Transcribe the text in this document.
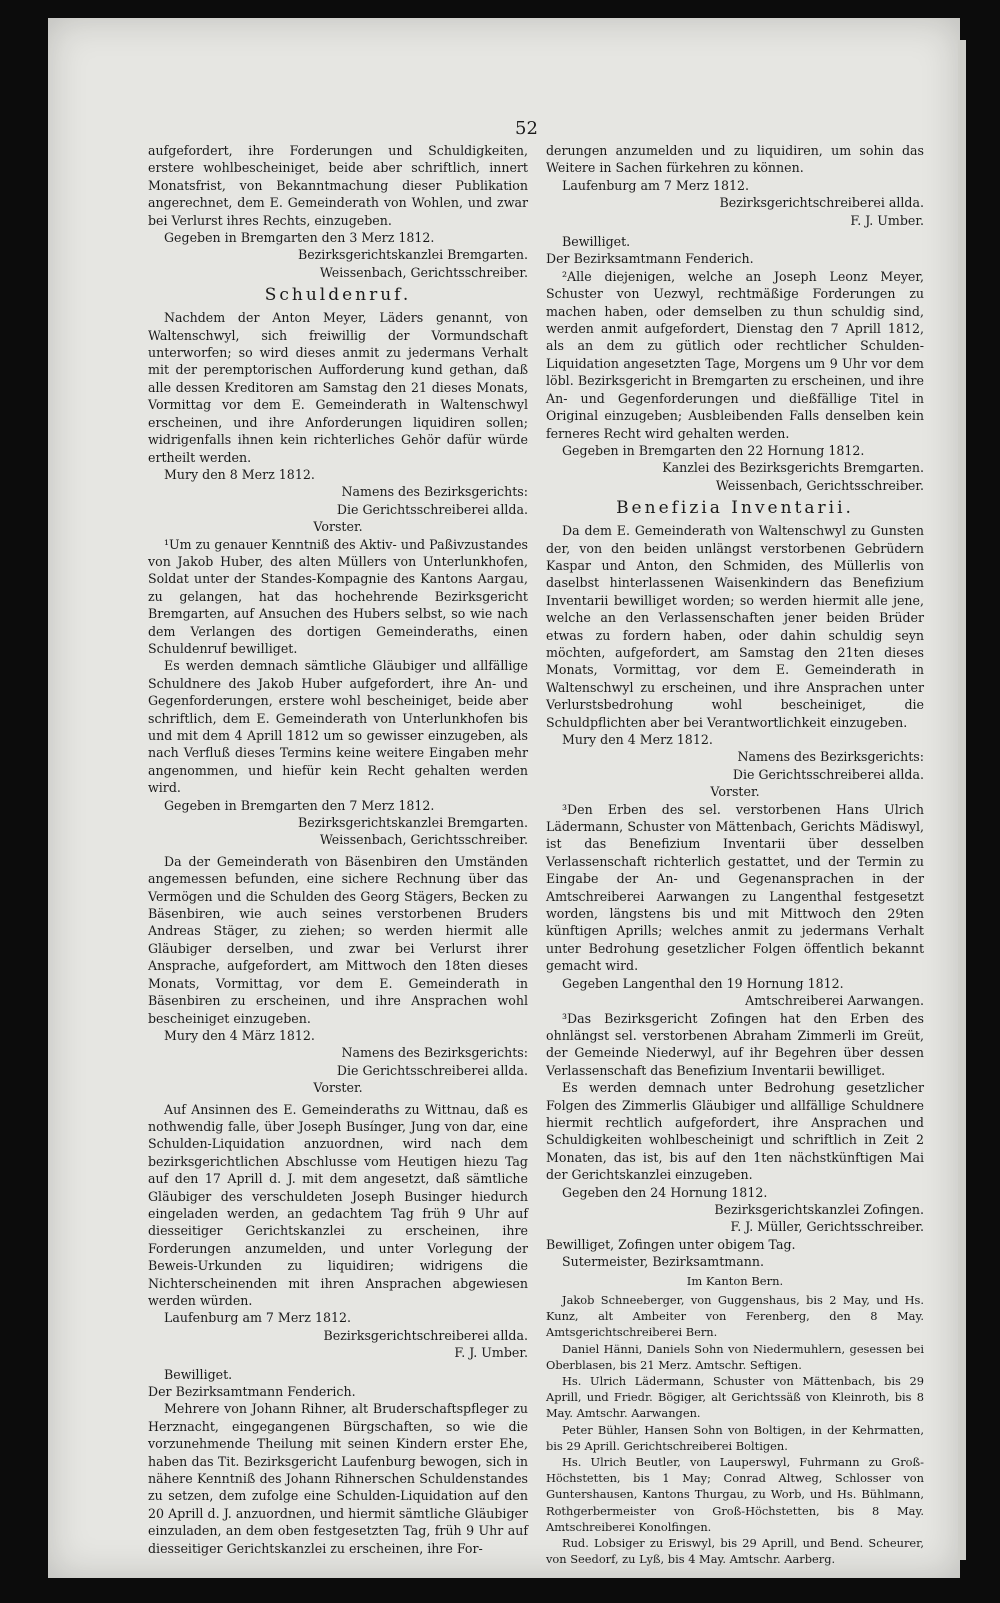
52

aufgefordert, ihre Forderungen und Schuldigkeiten, erstere wohlbescheiniget, beide aber schriftlich, innert Monatsfrist, von Bekanntmachung dieser Publikation angerechnet, dem E. Gemeinderath von Wohlen, und zwar bei Verlurst ihres Rechts, einzugeben.

Gegeben in Bremgarten den 3 Merz 1812.

Bezirksgerichtskanzlei Bremgarten.

Weissenbach, Gerichtsschreiber.

Schuldenruf.

Nachdem der Anton Meyer, Läders genannt, von Waltenschwyl, sich freiwillig der Vormundschaft unterworfen; so wird dieses anmit zu jedermans Verhalt mit der peremptorischen Aufforderung kund gethan, daß alle dessen Kreditoren am Samstag den 21 dieses Monats, Vormittag vor dem E. Gemeinderath in Waltenschwyl erscheinen, und ihre Anforderungen liquidiren sollen; widrigenfalls ihnen kein richterliches Gehör dafür würde ertheilt werden.

Mury den 8 Merz 1812.

Namens des Bezirksgerichts:

Die Gerichtsschreiberei allda.

Vorster.

¹Um zu genauer Kenntniß des Aktiv- und Paßivzustandes von Jakob Huber, des alten Müllers von Unterlunkhofen, Soldat unter der Standes-Kompagnie des Kantons Aargau, zu gelangen, hat das hochehrende Bezirksgericht Bremgarten, auf Ansuchen des Hubers selbst, so wie nach dem Verlangen des dortigen Gemeinderaths, einen Schuldenruf bewilliget.

Es werden demnach sämtliche Gläubiger und allfällige Schuldnere des Jakob Huber aufgefordert, ihre An- und Gegenforderungen, erstere wohl bescheiniget, beide aber schriftlich, dem E. Gemeinderath von Unterlunkhofen bis und mit dem 4 Aprill 1812 um so gewisser einzugeben, als nach Verfluß dieses Termins keine weitere Eingaben mehr angenommen, und hiefür kein Recht gehalten werden wird.

Gegeben in Bremgarten den 7 Merz 1812.

Bezirksgerichtskanzlei Bremgarten.

Weissenbach, Gerichtsschreiber.

Da der Gemeinderath von Bäsenbiren den Umständen angemessen befunden, eine sichere Rechnung über das Vermögen und die Schulden des Georg Stägers, Becken zu Bäsenbiren, wie auch seines verstorbenen Bruders Andreas Stäger, zu ziehen; so werden hiermit alle Gläubiger derselben, und zwar bei Verlurst ihrer Ansprache, aufgefordert, am Mittwoch den 18ten dieses Monats, Vormittag, vor dem E. Gemeinderath in Bäsenbiren zu erscheinen, und ihre Ansprachen wohl bescheiniget einzugeben.

Mury den 4 März 1812.

Namens des Bezirksgerichts:

Die Gerichtsschreiberei allda.

Vorster.

Auf Ansinnen des E. Gemeinderaths zu Wittnau, daß es nothwendig falle, über Joseph Busínger, Jung von dar, eine Schulden-Liquidation anzuordnen, wird nach dem bezirksgerichtlichen Abschlusse vom Heutigen hiezu Tag auf den 17 Aprill d. J. mit dem angesetzt, daß sämtliche Gläubiger des verschuldeten Joseph Businger hiedurch eingeladen werden, an gedachtem Tag früh 9 Uhr auf diesseitiger Gerichtskanzlei zu erscheinen, ihre Forderungen anzumelden, und unter Vorlegung der Beweis-Urkunden zu liquidiren; widrigens die Nichterscheinenden mit ihren Ansprachen abgewiesen werden würden.

Laufenburg am 7 Merz 1812.

Bezirksgerichtschreiberei allda.

F. J. Umber.

Bewilliget.

Der Bezirksamtmann Fenderich.

Mehrere von Johann Rihner, alt Bruderschaftspfleger zu Herznacht, eingegangenen Bürgschaften, so wie die vorzunehmende Theilung mit seinen Kindern erster Ehe, haben das Tit. Bezirksgericht Laufenburg bewogen, sich in nähere Kenntniß des Johann Rihnerschen Schuldenstandes zu setzen, dem zufolge eine Schulden-Liquidation auf den 20 Aprill d. J. anzuordnen, und hiermit sämtliche Gläubiger einzuladen, an dem oben festgesetzten Tag, früh 9 Uhr auf diesseitiger Gerichtskanzlei zu erscheinen, ihre For-

derungen anzumelden und zu liquidiren, um sohin das Weitere in Sachen fürkehren zu können.

Laufenburg am 7 Merz 1812.

Bezirksgerichtschreiberei allda.

F. J. Umber.

Bewilliget.

Der Bezirksamtmann Fenderich.

²Alle diejenigen, welche an Joseph Leonz Meyer, Schuster von Uezwyl, rechtmäßige Forderungen zu machen haben, oder demselben zu thun schuldig sind, werden anmit aufgefordert, Dienstag den 7 Aprill 1812, als an dem zu gütlich oder rechtlicher Schulden-Liquidation angesetzten Tage, Morgens um 9 Uhr vor dem löbl. Bezirksgericht in Bremgarten zu erscheinen, und ihre An- und Gegenforderungen und dießfällige Titel in Original einzugeben; Ausbleibenden Falls denselben kein ferneres Recht wird gehalten werden.

Gegeben in Bremgarten den 22 Hornung 1812.

Kanzlei des Bezirksgerichts Bremgarten.

Weissenbach, Gerichtsschreiber.

Benefizia Inventarii.

Da dem E. Gemeinderath von Waltenschwyl zu Gunsten der, von den beiden unlängst verstorbenen Gebrüdern Kaspar und Anton, den Schmiden, des Müllerlis von daselbst hinterlassenen Waisenkindern das Benefizium Inventarii bewilliget worden; so werden hiermit alle jene, welche an den Verlassenschaften jener beiden Brüder etwas zu fordern haben, oder dahin schuldig seyn möchten, aufgefordert, am Samstag den 21ten dieses Monats, Vormittag, vor dem E. Gemeinderath in Waltenschwyl zu erscheinen, und ihre Ansprachen unter Verlurstsbedrohung wohl bescheiniget, die Schuldpflichten aber bei Verantwortlichkeit einzugeben.

Mury den 4 Merz 1812.

Namens des Bezirksgerichts:

Die Gerichtsschreiberei allda.

Vorster.

³Den Erben des sel. verstorbenen Hans Ulrich Lädermann, Schuster von Mättenbach, Gerichts Mädiswyl, ist das Benefizium Inventarii über desselben Verlassenschaft richterlich gestattet, und der Termin zu Eingabe der An- und Gegenansprachen in der Amtschreiberei Aarwangen zu Langenthal festgesetzt worden, längstens bis und mit Mittwoch den 29ten künftigen Aprills; welches anmit zu jedermans Verhalt unter Bedrohung gesetzlicher Folgen öffentlich bekannt gemacht wird.

Gegeben Langenthal den 19 Hornung 1812.

Amtschreiberei Aarwangen.

³Das Bezirksgericht Zofingen hat den Erben des ohnlängst sel. verstorbenen Abraham Zimmerli im Greüt, der Gemeinde Niederwyl, auf ihr Begehren über dessen Verlassenschaft das Benefizium Inventarii bewilliget.

Es werden demnach unter Bedrohung gesetzlicher Folgen des Zimmerlis Gläubiger und allfällige Schuldnere hiermit rechtlich aufgefordert, ihre Ansprachen und Schuldigkeiten wohlbescheinigt und schriftlich in Zeit 2 Monaten, das ist, bis auf den 1ten nächstkünftigen Mai der Gerichtskanzlei einzugeben.

Gegeben den 24 Hornung 1812.

Bezirksgerichtskanzlei Zofingen.

F. J. Müller, Gerichtsschreiber.

Bewilliget, Zofingen unter obigem Tag.

Sutermeister, Bezirksamtmann.

Im Kanton Bern.

Jakob Schneeberger, von Guggenshaus, bis 2 May, und Hs. Kunz, alt Ambeiter von Ferenberg, den 8 May. Amtsgerichtschreiberei Bern.

Daniel Hänni, Daniels Sohn von Niedermuhlern, gesessen bei Oberblasen, bis 21 Merz. Amtschr. Seftigen.

Hs. Ulrich Lädermann, Schuster von Mättenbach, bis 29 Aprill, und Friedr. Bögiger, alt Gerichtssäß von Kleinroth, bis 8 May. Amtschr. Aarwangen.

Peter Bühler, Hansen Sohn von Boltigen, in der Kehrmatten, bis 29 Aprill. Gerichtschreiberei Boltigen.

Hs. Ulrich Beutler, von Lauperswyl, Fuhrmann zu Groß-Höchstetten, bis 1 May; Conrad Altweg, Schlosser von Guntershausen, Kantons Thurgau, zu Worb, und Hs. Bühlmann, Rothgerbermeister von Groß-Höchstetten, bis 8 May. Amtschreiberei Konolfingen.

Rud. Lobsiger zu Eriswyl, bis 29 Aprill, und Bend. Scheurer, von Seedorf, zu Lyß, bis 4 May. Amtschr. Aarberg.
